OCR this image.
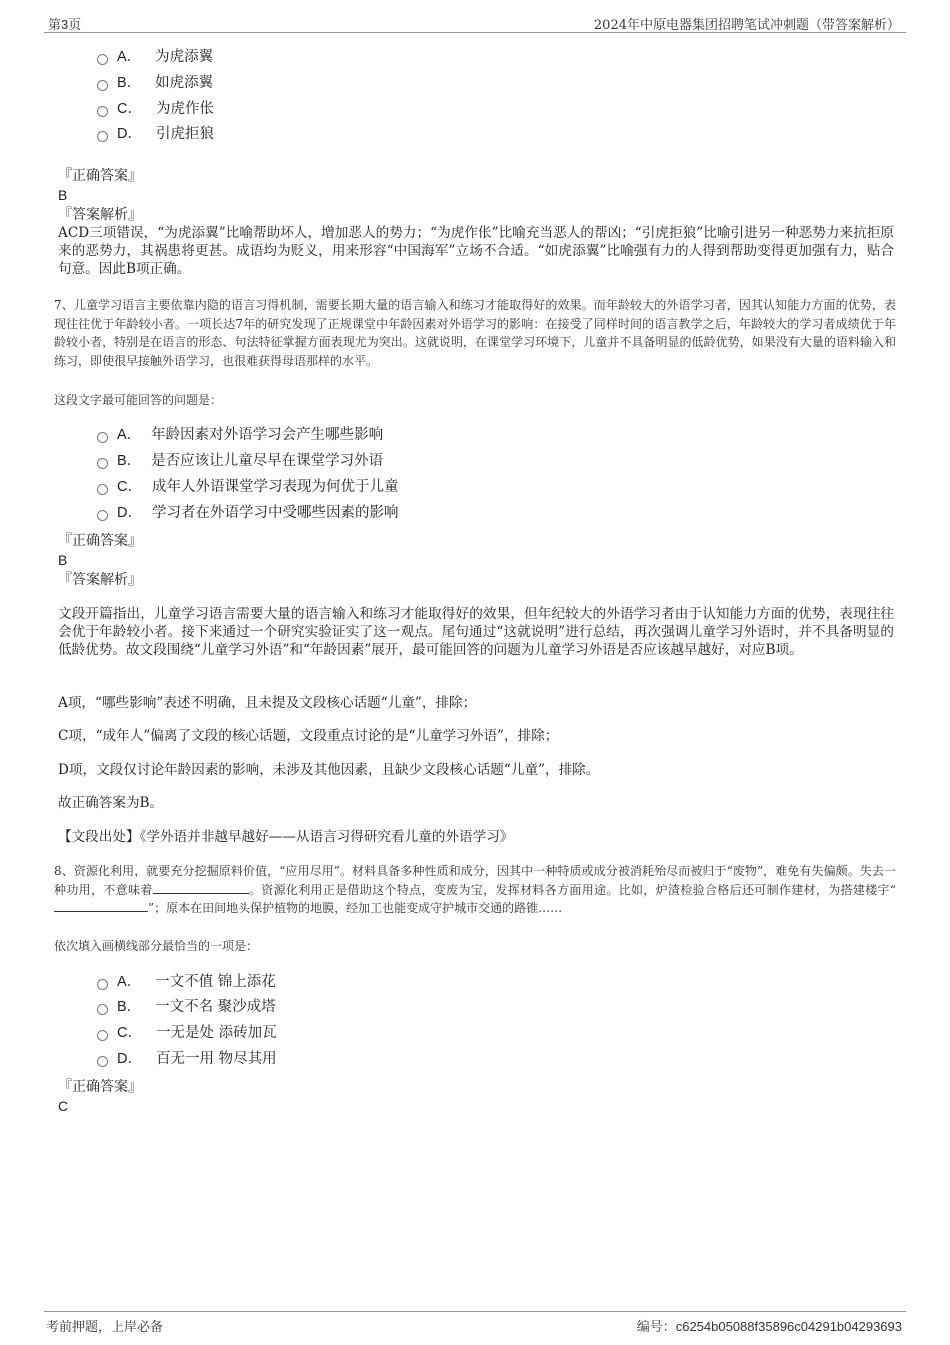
第3页	2024年中原电器集团招聘笔试冲刺题（带答案解析）
A． 为虎添翼
B． 如虎添翼
C． 为虎作伥
D． 引虎拒狼
『正确答案』
B
『答案解析』
ACD三项错误，“为虎添翼”比喻帮助坏人，增加恶人的势力；“为虎作伥”比喻充当恶人的帮凶；“引虎拒狼”比喻引进另一种恶势力来抗拒原来的恶势力，其祸患将更甚。成语均为贬义，用来形容“中国海军”立场不合适。“如虎添翼”比喻强有力的人得到帮助变得更加强有力，贴合句意。因此B项正确。
7、儿童学习语言主要依靠内隐的语言习得机制，需要长期大量的语言输入和练习才能取得好的效果。而年龄较大的外语学习者，因其认知能力方面的优势，表现往往优于年龄较小者。一项长达7年的研究发现了正规课堂中年龄因素对外语学习的影响：在接受了同样时间的语言教学之后，年龄较大的学习者成绩优于年龄较小者，特别是在语言的形态、句法特征掌握方面表现尤为突出。这就说明，在课堂学习环境下，儿童并不具备明显的低龄优势，如果没有大量的语料输入和练习，即使很早接触外语学习，也很难获得母语那样的水平。
这段文字最可能回答的问题是：
A． 年龄因素对外语学习会产生哪些影响
B． 是否应该让儿童尽早在课堂学习外语
C． 成年人外语课堂学习表现为何优于儿童
D． 学习者在外语学习中受哪些因素的影响
『正确答案』
B
『答案解析』
文段开篇指出，儿童学习语言需要大量的语言输入和练习才能取得好的效果，但年纪较大的外语学习者由于认知能力方面的优势，表现往往会优于年龄较小者。接下来通过一个研究实验证实了这一观点。尾句通过“这就说明”进行总结，再次强调儿童学习外语时，并不具备明显的低龄优势。故文段围绕“儿童学习外语”和“年龄因素”展开，最可能回答的问题为儿童学习外语是否应该越早越好，对应B项。
A项，“哪些影响”表述不明确，且未提及文段核心话题“儿童”，排除；
C项，“成年人”偏离了文段的核心话题，文段重点讨论的是“儿童学习外语”，排除；
D项，文段仅讨论年龄因素的影响，未涉及其他因素，且缺少文段核心话题“儿童”，排除。
故正确答案为B。
【文段出处】《学外语并非越早越好——从语言习得研究看儿童的外语学习》
8、资源化利用，就要充分挖掘原料价值，“应用尽用”。材料具备多种性质和成分，因其中一种特质或成分被消耗殆尽而被归于“废物”，难免有失偏颇。失去一种功用，不意味着	。资源化利用正是借助这个特点，变废为宝，发挥材料各方面用途。比如，炉渣检验合格后还可制作建材，为搭建楼宇“”；原本在田间地头保护植物的地膜，经加工也能变成守护城市交通的路锥……
依次填入画横线部分最恰当的一项是：
A． 一文不值 锦上添花
B． 一文不名 聚沙成塔
C． 一无是处 添砖加瓦
D． 百无一用 物尽其用
『正确答案』
C
考前押题，上岸必备	编号：c6254b05088f35896c04291b04293693
